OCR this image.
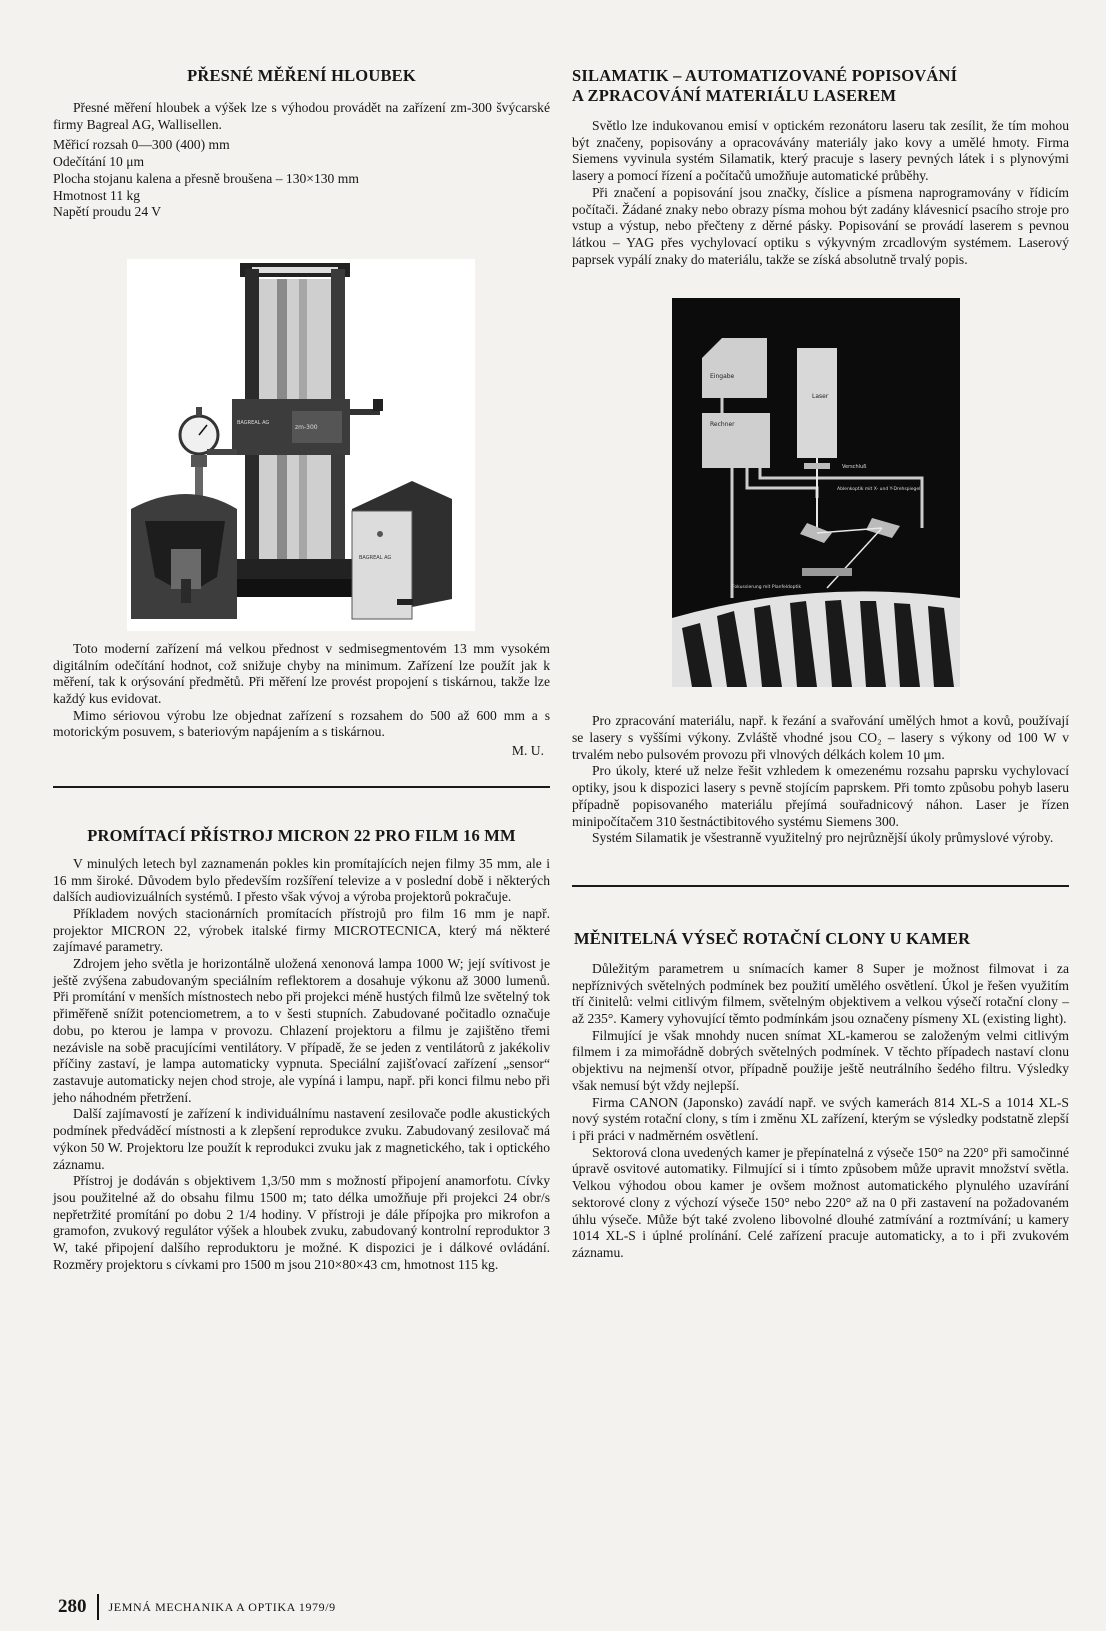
PŘESNÉ MĚŘENÍ HLOUBEK

Přesné měření hloubek a výšek lze s výhodou provádět na zařízení zm-300 švýcarské firmy Bagreal AG, Wallisellen.

Měřicí rozsah 0—300 (400) mm
Odečítání 10 μm
Plocha stojanu kalena a přesně broušena – 130×130 mm
Hmotnost 11 kg
Napětí proudu 24 V
zm-300
BAGREAL AG
BAGREAL AG

Toto moderní zařízení má velkou přednost v sedmisegmentovém 13 mm vysokém digitálním odečítání hodnot, což snižuje chyby na minimum. Zařízení lze použít jak k měření, tak k orýsování předmětů. Při měření lze provést propojení s tiskárnou, takže lze každý kus evidovat.

Mimo sériovou výrobu lze objednat zařízení s rozsahem do 500 až 600 mm a s motorickým posuvem, s bateriovým napájením a s tiskárnou.

M. U.
PROMÍTACÍ PŘÍSTROJ MICRON 22 PRO FILM 16 MM

V minulých letech byl zaznamenán pokles kin promítajících nejen filmy 35 mm, ale i 16 mm široké. Důvodem bylo především rozšíření televize a v poslední době i některých dalších audiovizuálních systémů. I přesto však vývoj a výroba projektorů pokračuje.

Příkladem nových stacionárních promítacích přístrojů pro film 16 mm je např. projektor MICRON 22, výrobek italské firmy MICROTECNICA, který má některé zajímavé parametry.

Zdrojem jeho světla je horizontálně uložená xenonová lampa 1000 W; její svítivost je ještě zvýšena zabudovaným speciálním reflektorem a dosahuje výkonu až 3000 lumenů. Při promítání v menších místnostech nebo při projekci méně hustých filmů lze světelný tok přiměřeně snížit potenciometrem, a to v šesti stupních. Zabudované počitadlo označuje dobu, po kterou je lampa v provozu. Chlazení projektoru a filmu je zajištěno třemi nezávisle na sobě pracujícími ventilátory. V případě, že se jeden z ventilátorů z jakékoliv příčiny zastaví, je lampa automaticky vypnuta. Speciální zajišťovací zařízení „sensor“ zastavuje automaticky nejen chod stroje, ale vypíná i lampu, např. při konci filmu nebo při jeho náhodném přetržení.

Další zajímavostí je zařízení k individuálnímu nastavení zesilovače podle akustických podmínek předváděcí místnosti a k zlepšení reprodukce zvuku. Zabudovaný zesilovač má výkon 50 W. Projektoru lze použít k reprodukci zvuku jak z magnetického, tak i optického záznamu.

Přístroj je dodáván s objektivem 1,3/50 mm s možností připojení anamorfotu. Cívky jsou použitelné až do obsahu filmu 1500 m; tato délka umožňuje při projekci 24 obr/s nepřetržité promítání po dobu 2 1/4 hodiny. V přístroji je dále přípojka pro mikrofon a gramofon, zvukový regulátor výšek a hloubek zvuku, zabudovaný kontrolní reproduktor 3 W, také připojení dalšího reproduktoru je možné. K dispozici je i dálkové ovládání. Rozměry projektoru s cívkami pro 1500 m jsou 210×80×43 cm, hmotnost 115 kg.

SILAMATIK – AUTOMATIZOVANÉ POPISOVÁNÍ
A ZPRACOVÁNÍ MATERIÁLU LASEREM

Světlo lze indukovanou emisí v optickém rezonátoru laseru tak zesílit, že tím mohou být značeny, popisovány a opracovávány materiály jako kovy a umělé hmoty. Firma Siemens vyvinula systém Silamatik, který pracuje s lasery pevných látek i s plynovými lasery a pomocí řízení a počítačů umožňuje automatické průběhy.

Při značení a popisování jsou značky, číslice a písmena naprogramovány v řídicím počítači. Žádané znaky nebo obrazy písma mohou být zadány klávesnicí psacího stroje pro vstup a výstup, nebo přečteny z děrné pásky. Popisování se provádí laserem s pevnou látkou – YAG přes vychylovací optiku s výkyvným zrcadlovým systémem. Laserový paprsek vypálí znaky do materiálu, takže se získá absolutně trvalý popis.

Eingabe
Rechner
Laser
Verschluß
Ablenkoptik mit X- und Y-Drehspiegel
Fokussierung mit Planfeldoptik

Pro zpracování materiálu, např. k řezání a svařování umělých hmot a kovů, používají se lasery s vyššími výkony. Zvláště vhodné jsou CO₂ – lasery s výkony od 100 W v trvalém nebo pulsovém provozu při vlnových délkách kolem 10 μm.

Pro úkoly, které už nelze řešit vzhledem k omezenému rozsahu paprsku vychylovací optiky, jsou k dispozici lasery s pevně stojícím paprskem. Při tomto způsobu pohyb laseru případně popisovaného materiálu přejímá souřadnicový náhon. Laser je řízen minipočítačem 310 šestnáctibitového systému Siemens 300.

Systém Silamatik je všestranně využitelný pro nejrůznější úkoly průmyslové výroby.

MĚNITELNÁ VÝSEČ ROTAČNÍ CLONY U KAMER

Důležitým parametrem u snímacích kamer 8 Super je možnost filmovat i za nepříznivých světelných podmínek bez použití umělého osvětlení. Úkol je řešen využitím tří činitelů: velmi citlivým filmem, světelným objektivem a velkou výsečí rotační clony – až 235°. Kamery vyhovující těmto podmínkám jsou označeny písmeny XL (existing light).

Filmující je však mnohdy nucen snímat XL-kamerou se založeným velmi citlivým filmem i za mimořádně dobrých světelných podmínek. V těchto případech nastaví clonu objektivu na nejmenší otvor, případně použije ještě neutrálního šedého filtru. Výsledky však nemusí být vždy nejlepší.

Firma CANON (Japonsko) zavádí např. ve svých kamerách 814 XL-S a 1014 XL-S nový systém rotační clony, s tím i změnu XL zařízení, kterým se výsledky podstatně zlepší i při práci v nadměrném osvětlení.

Sektorová clona uvedených kamer je přepínatelná z výseče 150° na 220° při samočinné úpravě osvitové automatiky. Filmující si i tímto způsobem může upravit množství světla. Velkou výhodou obou kamer je ovšem možnost automatického plynulého uzavírání sektorové clony z výchozí výseče 150° nebo 220° až na 0 při zastavení na požadovaném úhlu výseče. Může být také zvoleno libovolné dlouhé zatmívání a roztmívání; u kamery 1014 XL-S i úplné prolínání. Celé zařízení pracuje automaticky, a to i při zvukovém záznamu.

280 JEMNÁ MECHANIKA A OPTIKA 1979/9
